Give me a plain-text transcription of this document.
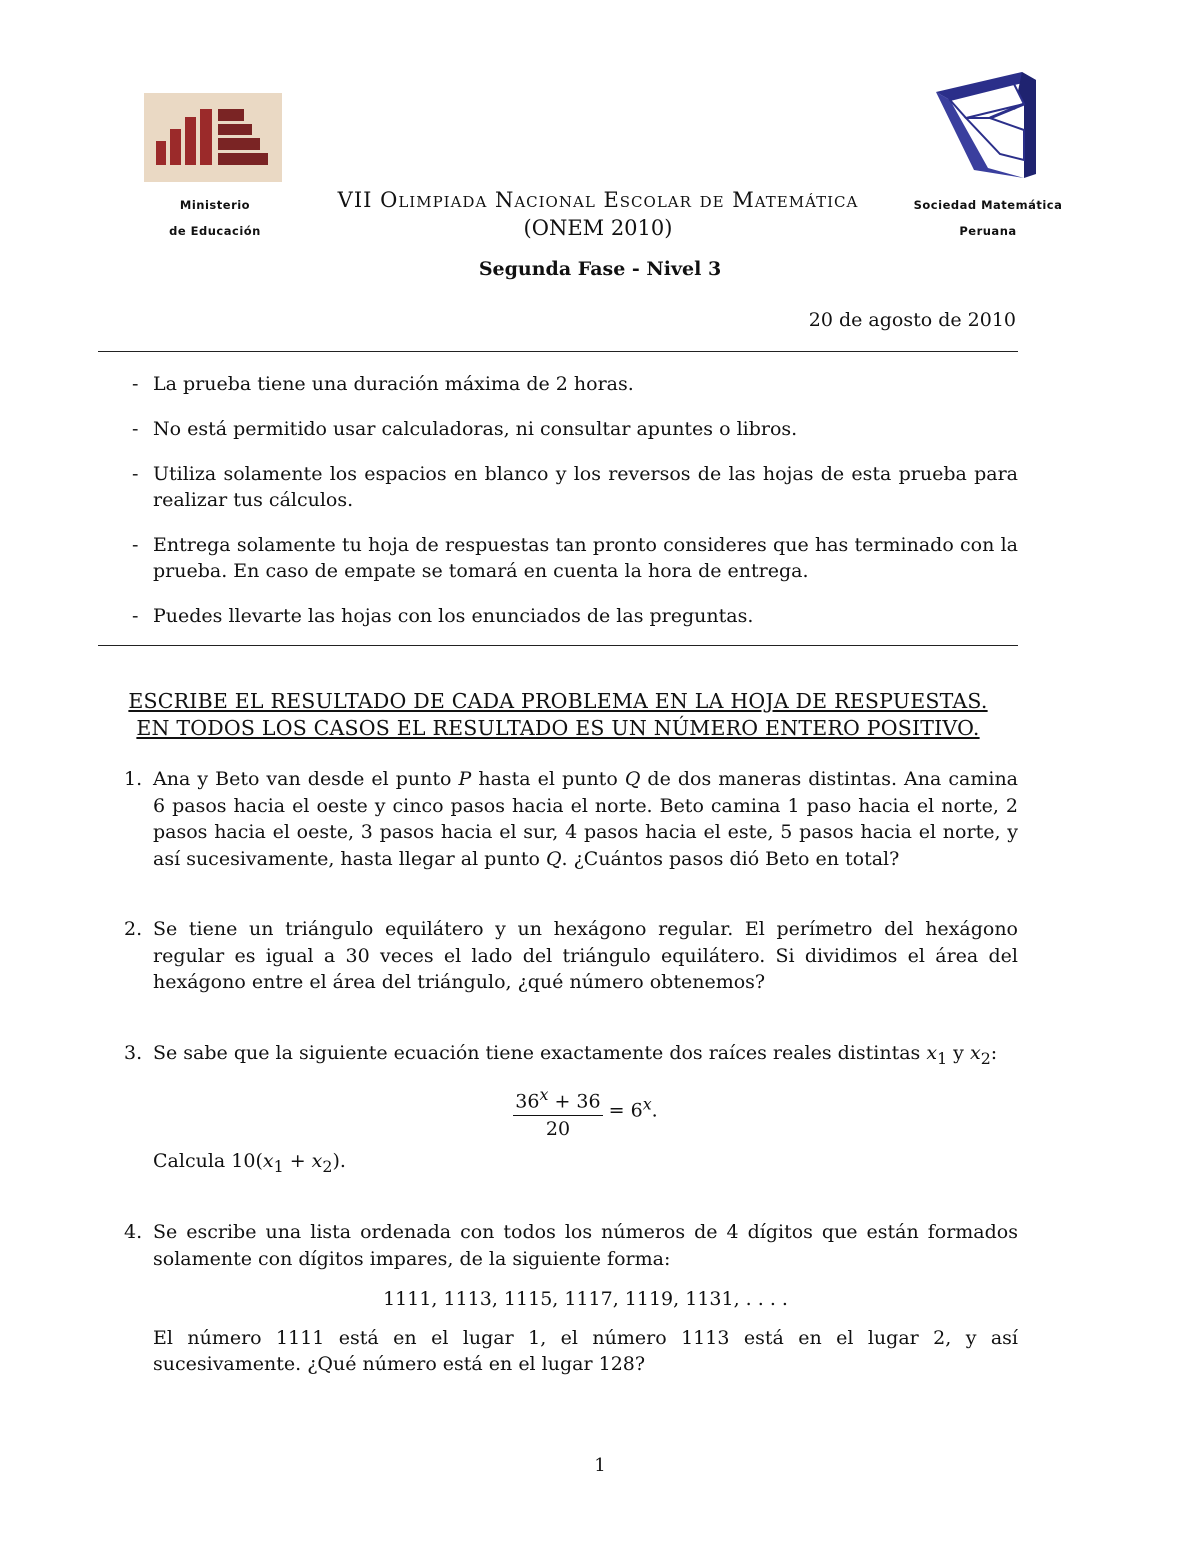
Ministerio
de Educación
Sociedad Matemática
Peruana
VII Olimpiada Nacional Escolar de Matemática
(ONEM 2010)
Segunda Fase - Nivel 3
20 de agosto de 2010
- La prueba tiene una duración máxima de 2 horas.
- No está permitido usar calculadoras, ni consultar apuntes o libros.
- Utiliza solamente los espacios en blanco y los reversos de las hojas de esta prueba para realizar tus cálculos.
- Entrega solamente tu hoja de respuestas tan pronto consideres que has terminado con la prueba. En caso de empate se tomará en cuenta la hora de entrega.
- Puedes llevarte las hojas con los enunciados de las preguntas.
ESCRIBE EL RESULTADO DE CADA PROBLEMA EN LA HOJA DE RESPUESTAS.
EN TODOS LOS CASOS EL RESULTADO ES UN NÚMERO ENTERO POSITIVO.
1. Ana y Beto van desde el punto P hasta el punto Q de dos maneras distintas. Ana camina 6 pasos hacia el oeste y cinco pasos hacia el norte. Beto camina 1 paso hacia el norte, 2 pasos hacia el oeste, 3 pasos hacia el sur, 4 pasos hacia el este, 5 pasos hacia el norte, y así sucesivamente, hasta llegar al punto Q. ¿Cuántos pasos dió Beto en total?
2. Se tiene un triángulo equilátero y un hexágono regular. El perímetro del hexágono regular es igual a 30 veces el lado del triángulo equilátero. Si dividimos el área del hexágono entre el área del triángulo, ¿qué número obtenemos?
3. Se sabe que la siguiente ecuación tiene exactamente dos raíces reales distintas $x_1$ y $x_2$:
$\frac{36^x + 36}{20} = 6^x$.
Calcula $10(x_1 + x_2)$.
4. Se escribe una lista ordenada con todos los números de 4 dígitos que están formados solamente con dígitos impares, de la siguiente forma:
1111, 1113, 1115, 1117, 1119, 1131, . . . .
El número 1111 está en el lugar 1, el número 1113 está en el lugar 2, y así sucesivamente. ¿Qué número está en el lugar 128?
1
